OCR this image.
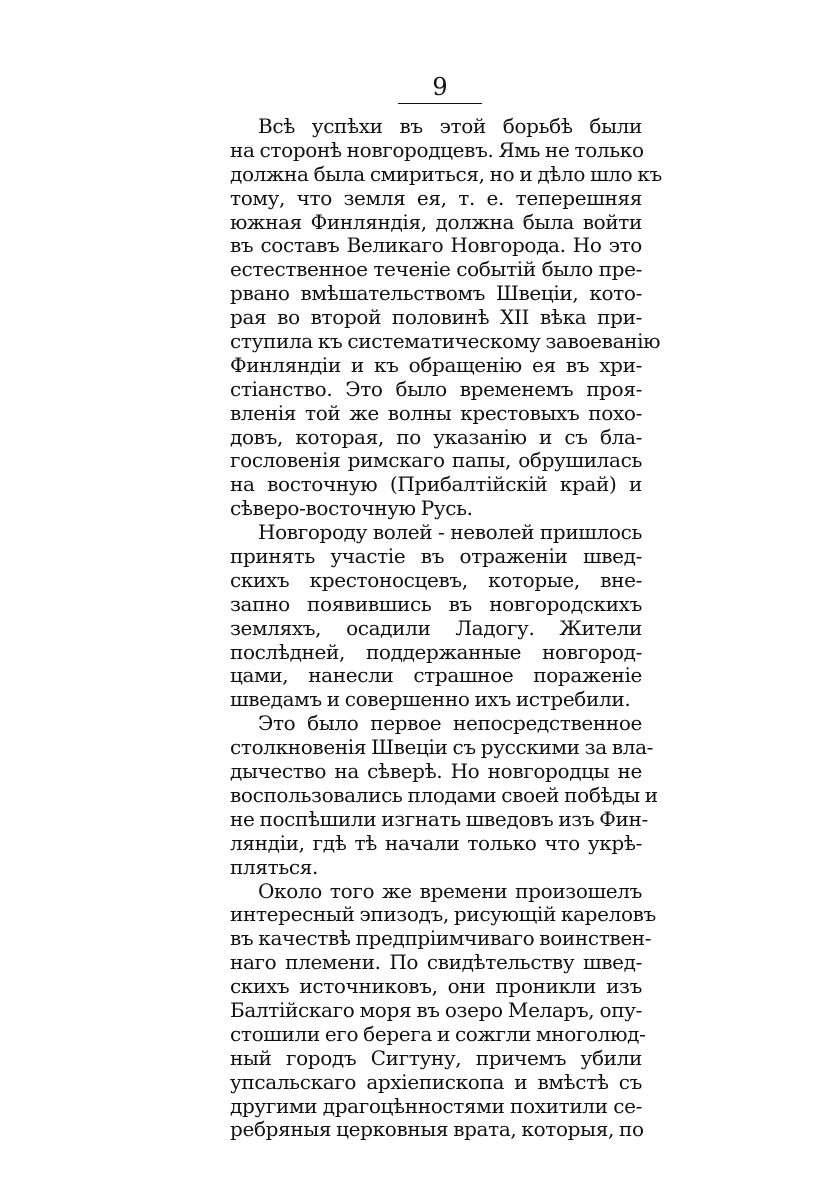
9
Всѣ успѣхи въ этой борьбѣ были
на сторонѣ новгородцевъ. Ямь не только
должна была смириться, но и дѣло шло къ
тому, что земля ея, т. е. теперешняя
южная Финляндія, должна была войти
въ составъ Великаго Новгорода. Но это
естественное теченіе событій было пре-
рвано вмѣшательствомъ Швеціи, кото-
рая во второй половинѣ XII вѣка при-
ступила къ систематическому завоеванію
Финляндіи и къ обращенію ея въ хри-
стіанство. Это было временемъ проя-
вленія той же волны крестовыхъ похо-
довъ, которая, по указанію и съ бла-
гословенія римскаго папы, обрушилась
на восточную (Прибалтійскій край) и
сѣверо-восточную Русь.
Новгороду волей - неволей пришлось
принять участіе въ отраженіи швед-
скихъ крестоносцевъ, которые, вне-
запно появившись въ новгородскихъ
земляхъ, осадили Ладогу. Жители
послѣдней, поддержанные новгород-
цами, нанесли страшное пораженіе
шведамъ и совершенно ихъ истребили.
Это было первое непосредственное
столкновенія Швеціи съ русскими за вла-
дычество на сѣверѣ. Но новгородцы не
воспользовались плодами своей побѣды и
не поспѣшили изгнать шведовъ изъ Фин-
ляндіи, гдѣ тѣ начали только что укрѣ-
пляться.
Около того же времени произошелъ
интересный эпизодъ, рисующій кареловъ
въ качествѣ предпріимчиваго воинствен-
наго племени. По свидѣтельству швед-
скихъ источниковъ, они проникли изъ
Балтійскаго моря въ озеро Меларъ, опу-
стошили его берега и сожгли многолюд-
ный городъ Сигтуну, причемъ убили
упсальскаго архіепископа и вмѣстѣ съ
другими драгоцѣнностями похитили се-
ребряныя церковныя врата, которыя, по
